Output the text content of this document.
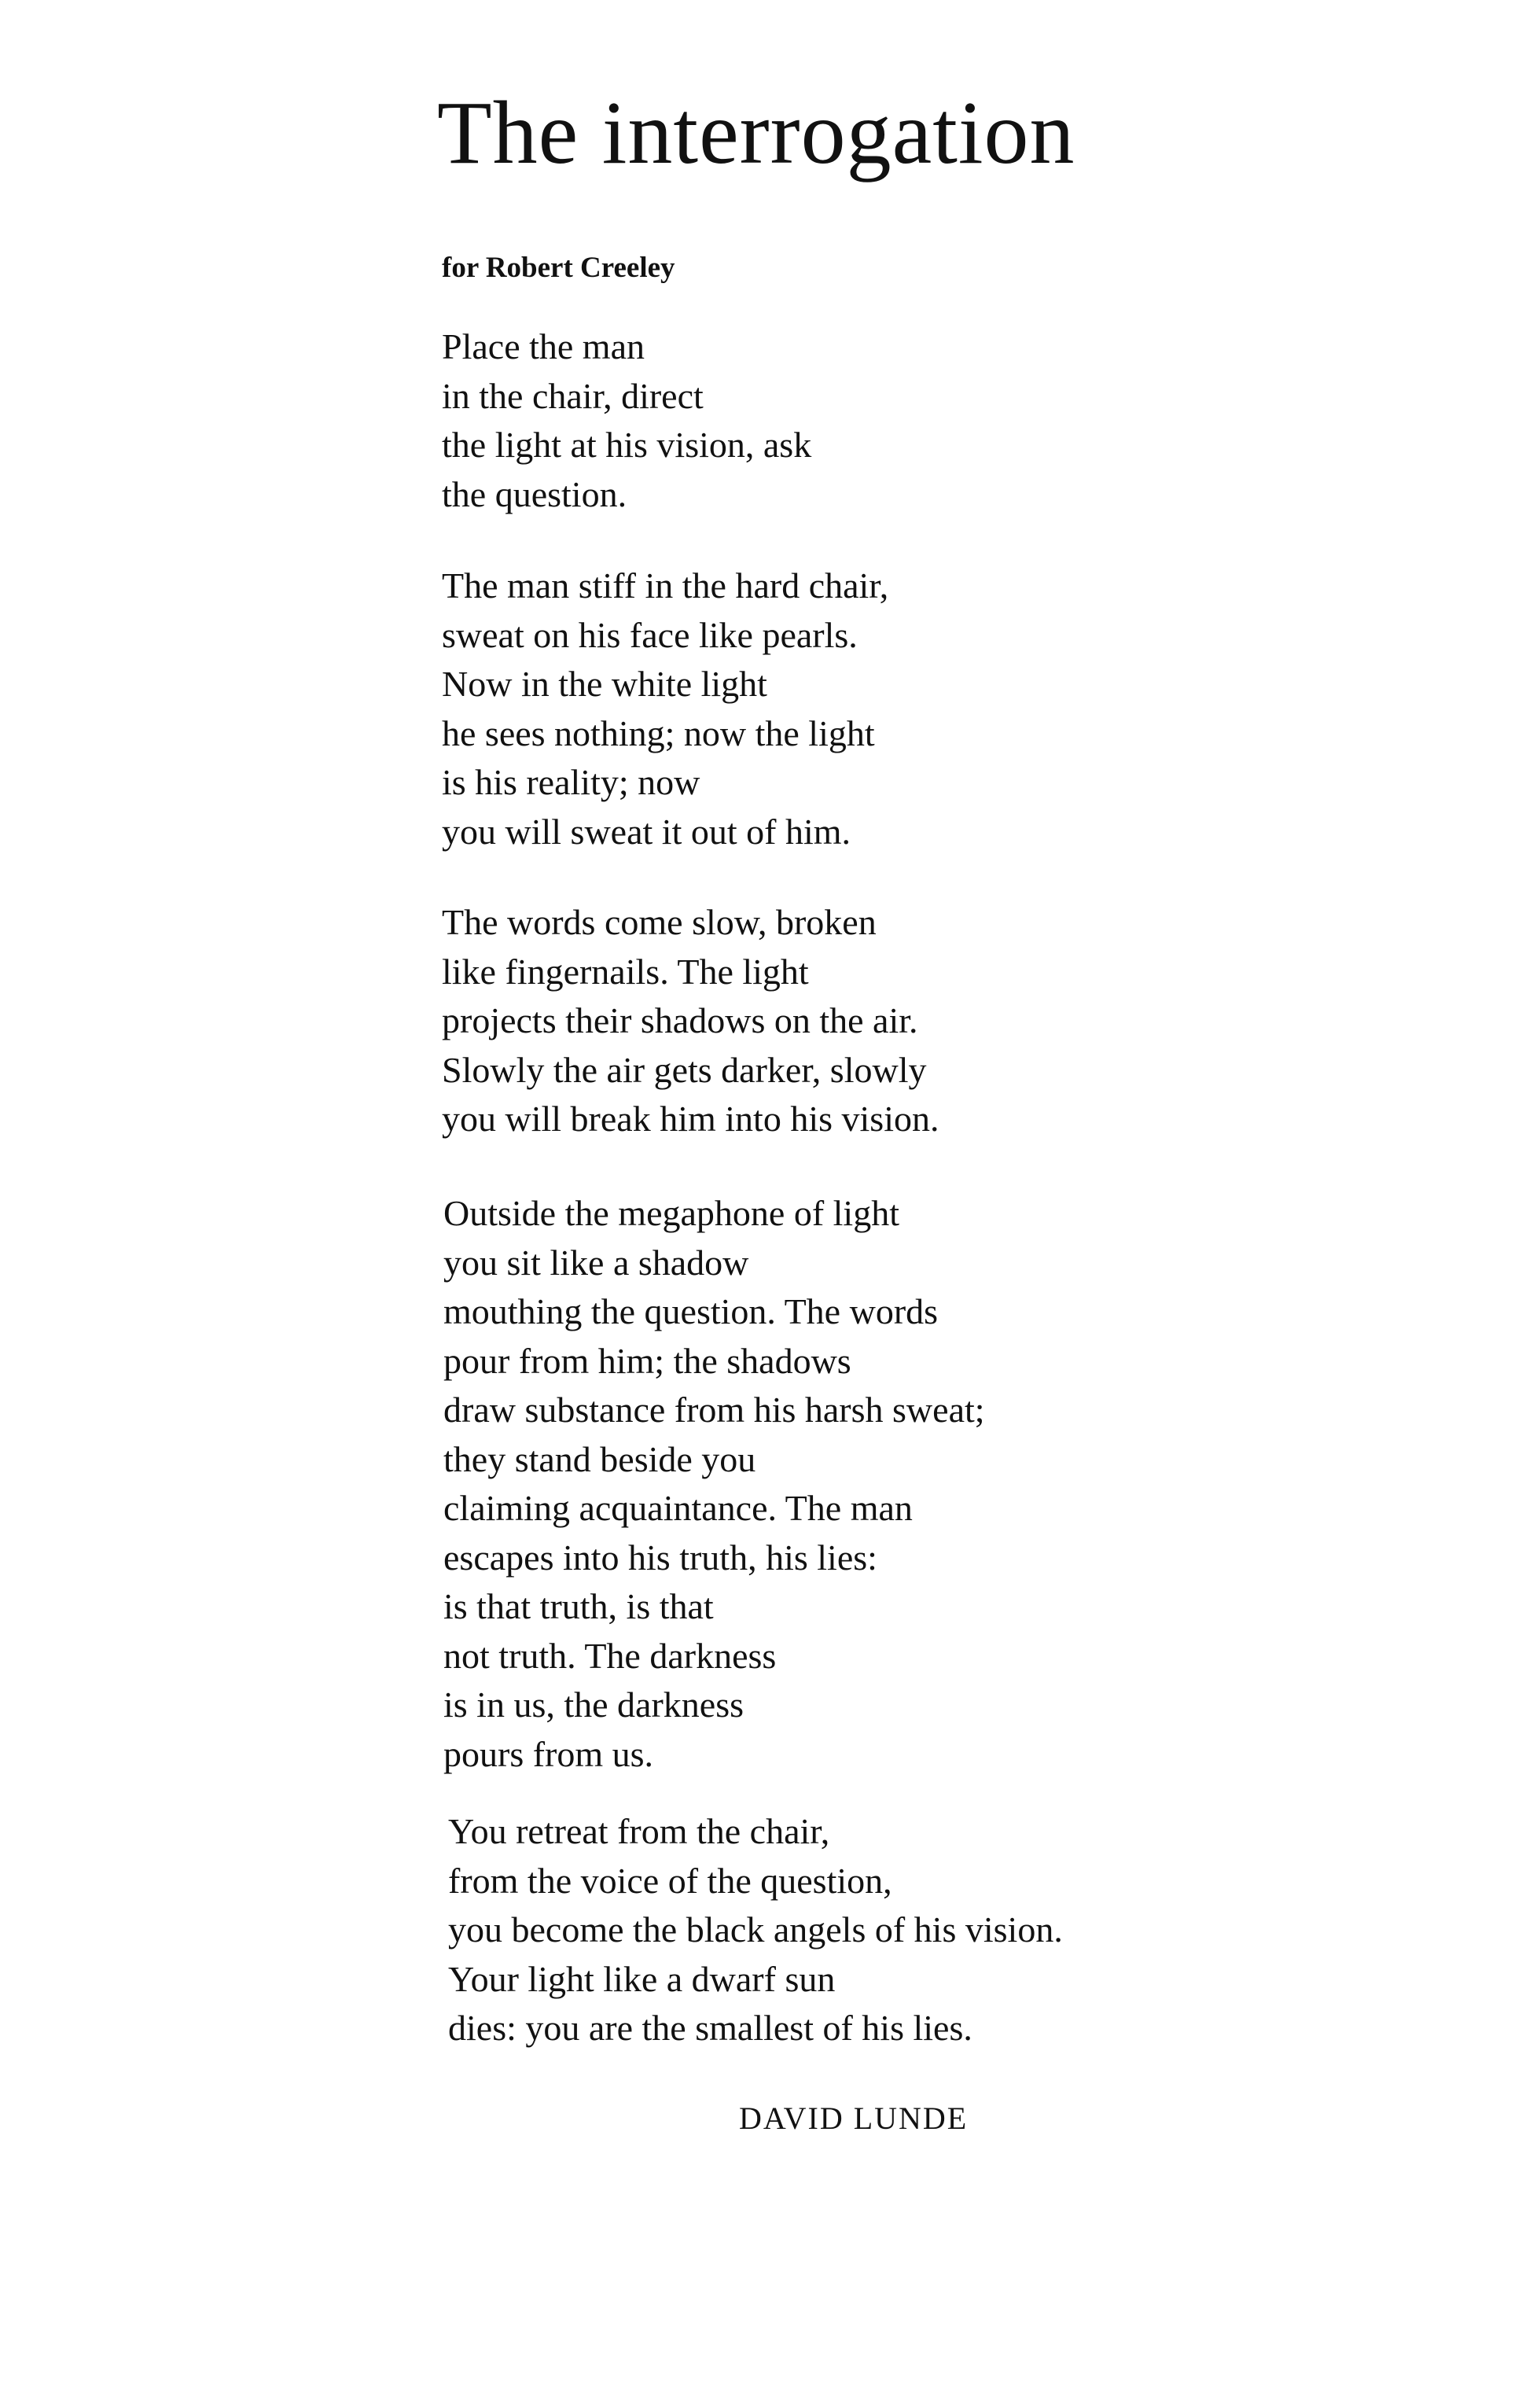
The interrogation
for Robert Creeley
Place the man
in the chair, direct
the light at his vision, ask
the question.
The man stiff in the hard chair,
sweat on his face like pearls.
Now in the white light
he sees nothing; now the light
is his reality; now
you will sweat it out of him.
The words come slow, broken
like fingernails. The light
projects their shadows on the air.
Slowly the air gets darker, slowly
you will break him into his vision.
Outside the megaphone of light
you sit like a shadow
mouthing the question. The words
pour from him; the shadows
draw substance from his harsh sweat;
they stand beside you
claiming acquaintance. The man
escapes into his truth, his lies:
is that truth, is that
not truth. The darkness
is in us, the darkness
pours from us.
You retreat from the chair,
from the voice of the question,
you become the black angels of his vision.
Your light like a dwarf sun
dies: you are the smallest of his lies.
DAVID LUNDE
